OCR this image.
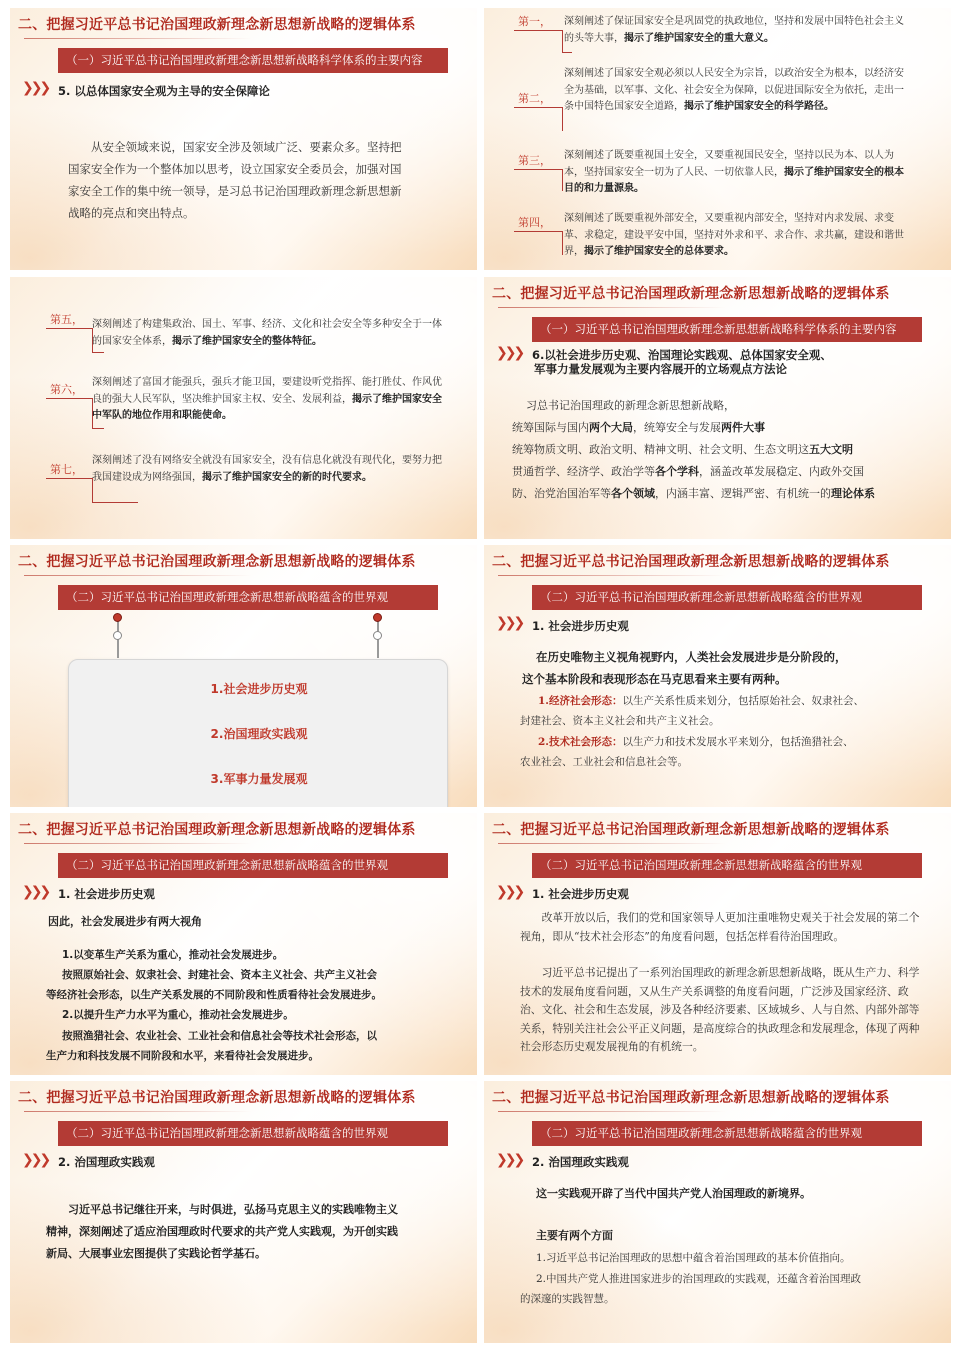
二、把握习近平总书记治国理政新理念新思想新战略的逻辑体系
（一）习近平总书记治国理政新理念新思想新战略科学体系的主要内容
❯❯❯ 5. 以总体国家安全观为主导的安全保障论
从安全领域来说，国家安全涉及领域广泛、要素众多。坚持把国家安全作为一个整体加以思考，设立国家安全委员会，加强对国家安全工作的集中统一领导，是习总书记治国理政新理念新思想新战略的亮点和突出特点。
第一， 深刻阐述了保证国家安全是巩固党的执政地位，坚持和发展中国特色社会主义的头等大事，揭示了维护国家安全的重大意义。
第二，
深刻阐述了国家安全观必须以人民安全为宗旨，以政治安全为根本，以经济安全为基础，以军事、文化、社会安全为保障，以促进国际安全为依托，走出一条中国特色国家安全道路，揭示了维护国家安全的科学路径。
第三， 深刻阐述了既要重视国土安全，又要重视国民安全，坚持以民为本、以人为本，坚持国家安全一切为了人民、一切依靠人民，揭示了维护国家安全的根本目的和力量源泉。
第四， 深刻阐述了既要重视外部安全，又要重视内部安全，坚持对内求发展、求变革、求稳定，建设平安中国，坚持对外求和平、求合作、求共赢，建设和谐世界，揭示了维护国家安全的总体要求。
第五， 深刻阐述了构建集政治、国土、军事、经济、文化和社会安全等多种安全于一体的国家安全体系，揭示了维护国家安全的整体特征。
第六，
深刻阐述了富国才能强兵，强兵才能卫国，要建设听党指挥、能打胜仗、作风优良的强大人民军队，坚决维护国家主权、安全、发展利益，揭示了维护国家安全中军队的地位作用和职能使命。
第七，
深刻阐述了没有网络安全就没有国家安全，没有信息化就没有现代化，要努力把我国建设成为网络强国，揭示了维护国家安全的新的时代要求。
二、把握习近平总书记治国理政新理念新思想新战略的逻辑体系
（一）习近平总书记治国理政新理念新思想新战略科学体系的主要内容
❯❯❯ 6.以社会进步历史观、治国理论实践观、总体国家安全观、
军事力量发展观为主要内容展开的立场观点方法论
习总书记治国理政的新理念新思想新战略，
统筹国际与国内两个大局，统筹安全与发展两件大事
统筹物质文明、政治文明、精神文明、社会文明、生态文明这五大文明
贯通哲学、经济学、政治学等各个学科，涵盖改革发展稳定、内政外交国
防、治党治国治军等各个领域，内涵丰富、逻辑严密、有机统一的理论体系
二、把握习近平总书记治国理政新理念新思想新战略的逻辑体系
（二）习近平总书记治国理政新理念新思想新战略蕴含的世界观
1.社会进步历史观
2.治国理政实践观
3.军事力量发展观
二、把握习近平总书记治国理政新理念新思想新战略的逻辑体系
（二）习近平总书记治国理政新理念新思想新战略蕴含的世界观
❯❯❯ 1. 社会进步历史观
在历史唯物主义视角视野内，人类社会发展进步是分阶段的，
这个基本阶段和表现形态在马克思看来主要有两种。
1.经济社会形态：以生产关系性质来划分，包括原始社会、奴隶社会、
封建社会、资本主义社会和共产主义社会。
2.技术社会形态：以生产力和技术发展水平来划分，包括渔猎社会、
农业社会、工业社会和信息社会等。
二、把握习近平总书记治国理政新理念新思想新战略的逻辑体系
（二）习近平总书记治国理政新理念新思想新战略蕴含的世界观
❯❯❯ 1. 社会进步历史观
因此，社会发展进步有两大视角
1.以变革生产关系为重心，推动社会发展进步。
按照原始社会、奴隶社会、封建社会、资本主义社会、共产主义社会
等经济社会形态，以生产关系发展的不同阶段和性质看待社会发展进步。
2.以提升生产力水平为重心，推动社会发展进步。
按照渔猎社会、农业社会、工业社会和信息社会等技术社会形态，以
生产力和科技发展不同阶段和水平，来看待社会发展进步。
二、把握习近平总书记治国理政新理念新思想新战略的逻辑体系
（二）习近平总书记治国理政新理念新思想新战略蕴含的世界观
❯❯❯ 1. 社会进步历史观
改革开放以后，我们的党和国家领导人更加注重唯物史观关于社会发展的第二个视角，即从“技术社会形态”的角度看问题，包括怎样看待治国理政。
习近平总书记提出了一系列治国理政的新理念新思想新战略，既从生产力、科学技术的发展角度看问题，又从生产关系调整的角度看问题，广泛涉及国家经济、政治、文化、社会和生态发展，涉及各种经济要素、区域城乡、人与自然、内部外部等关系，特别关注社会公平正义问题，是高度综合的执政理念和发展理念，体现了两种社会形态历史观发展视角的有机统一。
二、把握习近平总书记治国理政新理念新思想新战略的逻辑体系
（二）习近平总书记治国理政新理念新思想新战略蕴含的世界观
❯❯❯ 2. 治国理政实践观
习近平总书记继往开来，与时俱进，弘扬马克思主义的实践唯物主义精神，深刻阐述了适应治国理政时代要求的共产党人实践观，为开创实践新局、大展事业宏图提供了实践论哲学基石。
二、把握习近平总书记治国理政新理念新思想新战略的逻辑体系
（二）习近平总书记治国理政新理念新思想新战略蕴含的世界观
❯❯❯ 2. 治国理政实践观
这一实践观开辟了当代中国共产党人治国理政的新境界。
主要有两个方面
1.习近平总书记治国理政的思想中蕴含着治国理政的基本价值指向。
2.中国共产党人推进国家进步的治国理政的实践观，还蕴含着治国理政
的深邃的实践智慧。
